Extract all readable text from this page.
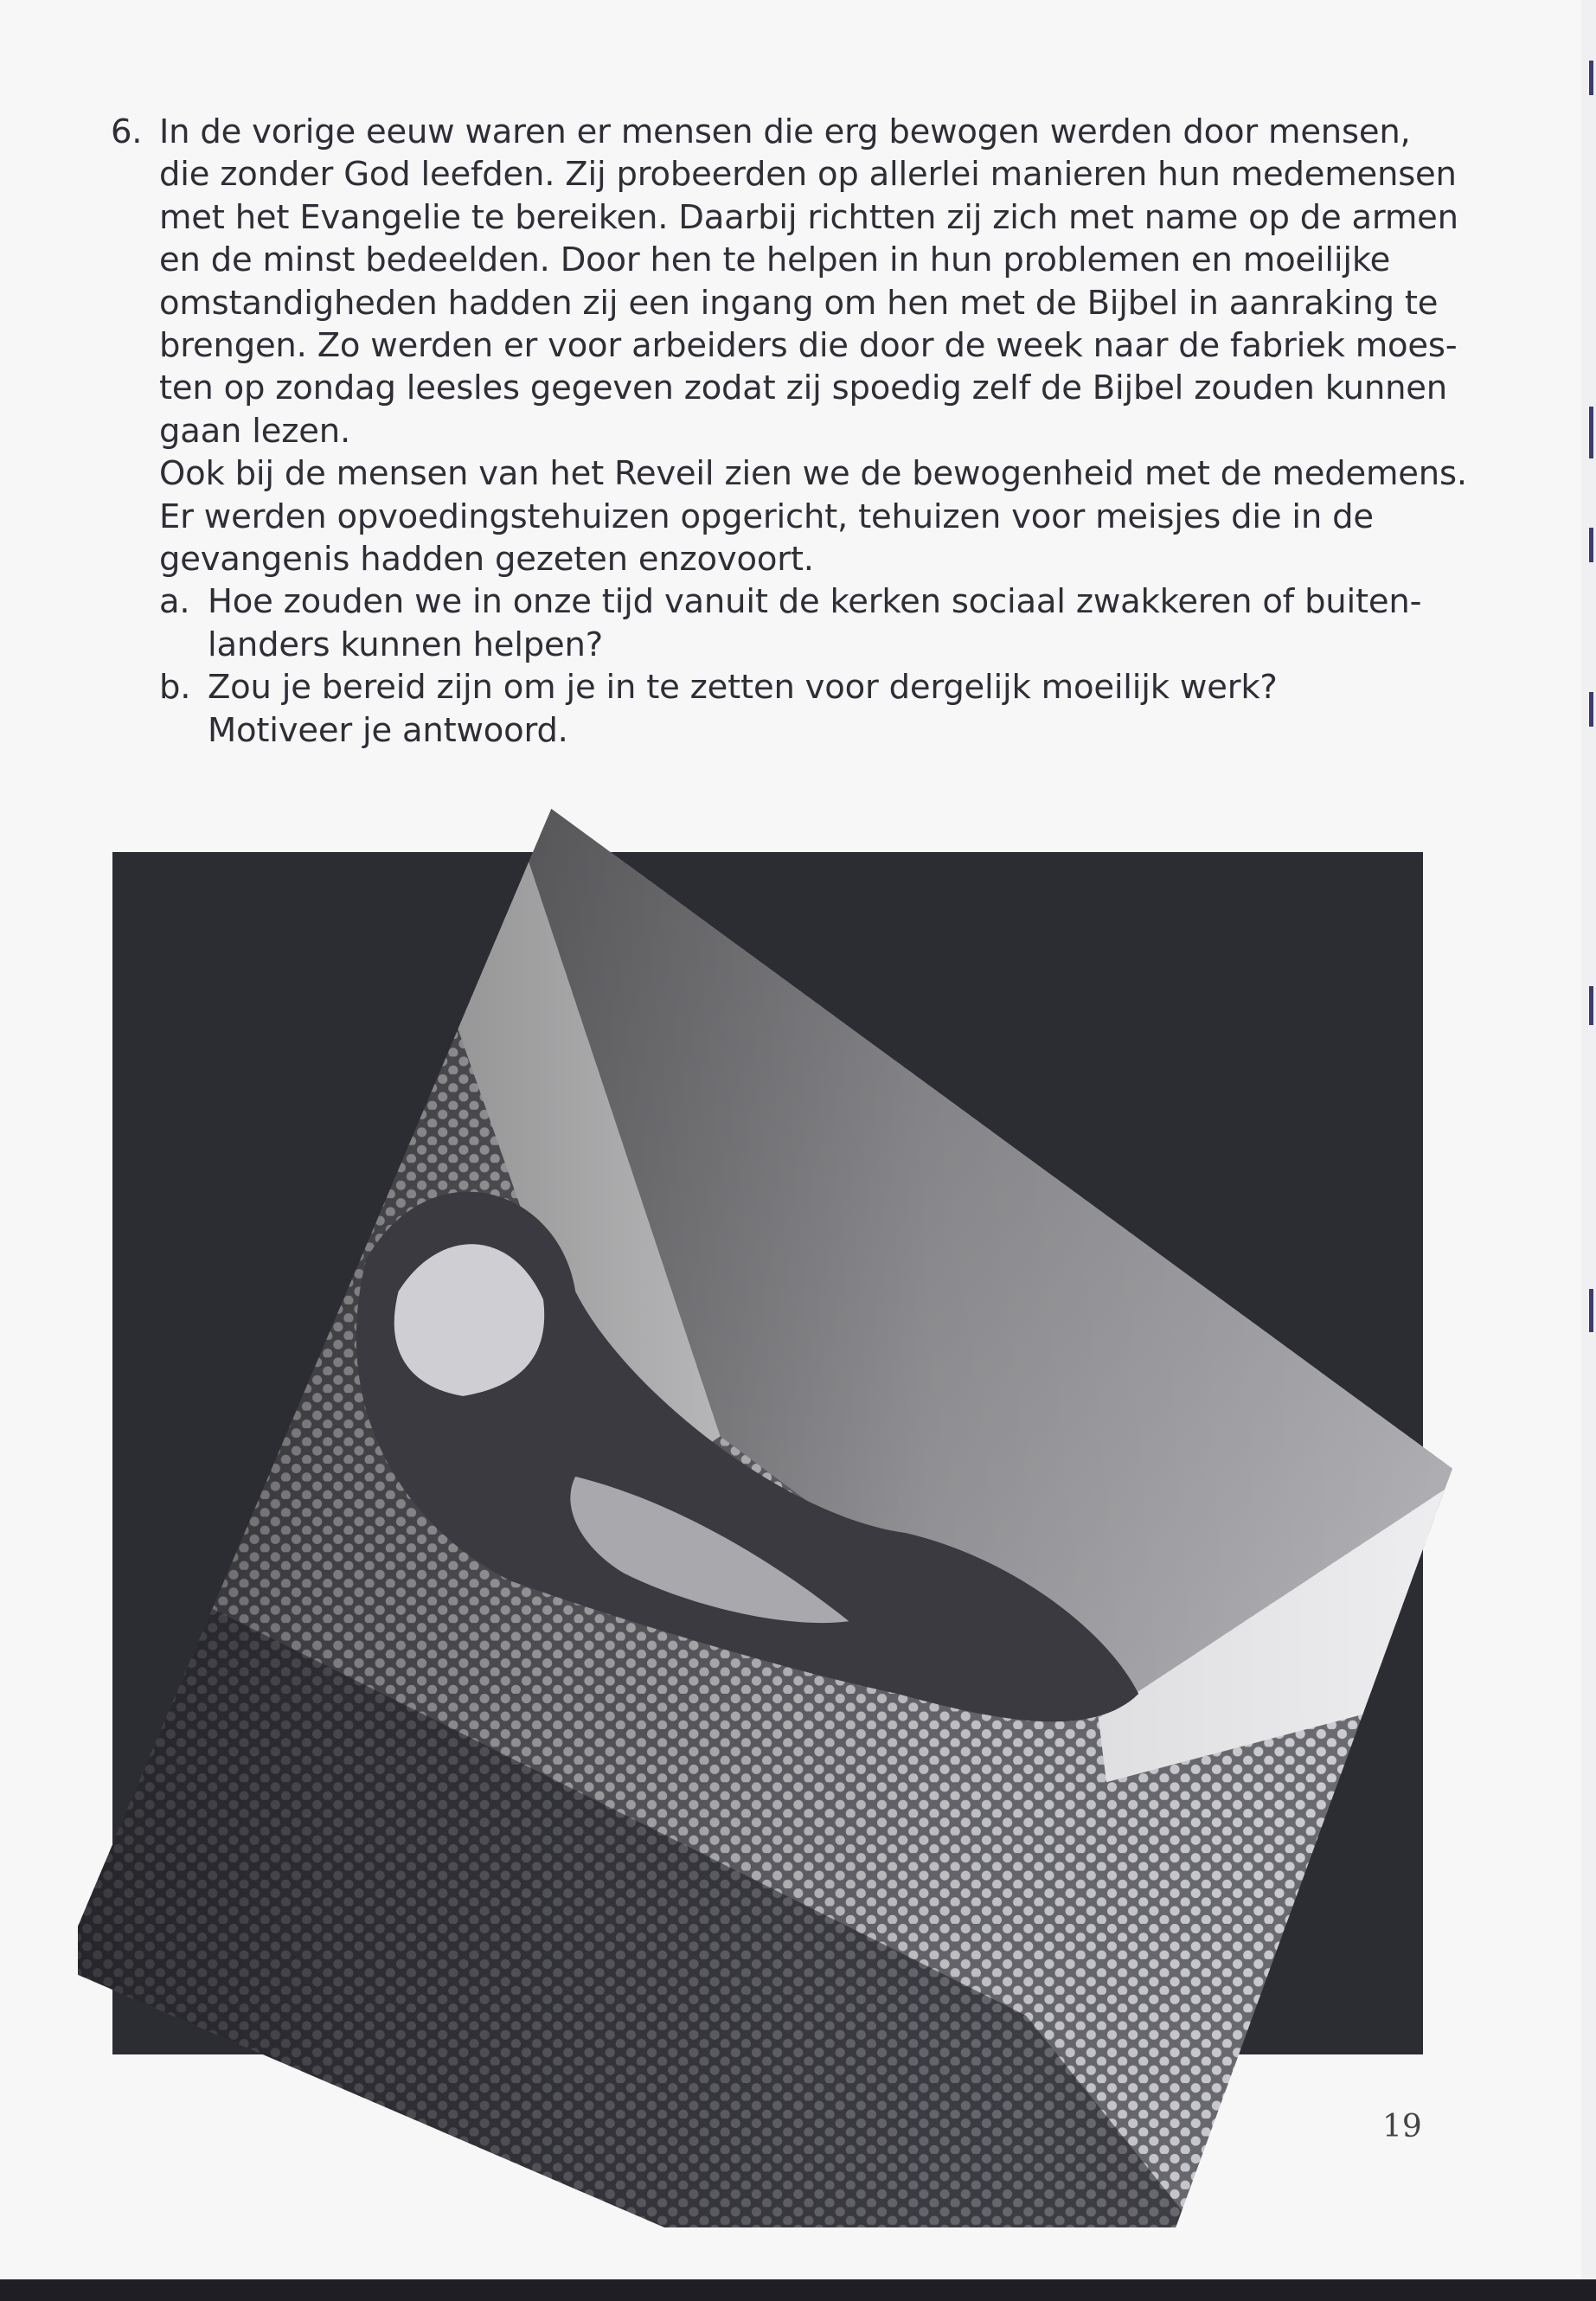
6. In de vorige eeuw waren er mensen die erg bewogen werden door mensen,
die zonder God leefden. Zij probeerden op allerlei manieren hun medemensen
met het Evangelie te bereiken. Daarbij richtten zij zich met name op de armen
en de minst bedeelden. Door hen te helpen in hun problemen en moeilijke
omstandigheden hadden zij een ingang om hen met de Bijbel in aanraking te
brengen. Zo werden er voor arbeiders die door de week naar de fabriek moes-
ten op zondag leesles gegeven zodat zij spoedig zelf de Bijbel zouden kunnen
gaan lezen.
Ook bij de mensen van het Reveil zien we de bewogenheid met de medemens.
Er werden opvoedingstehuizen opgericht, tehuizen voor meisjes die in de
gevangenis hadden gezeten enzovoort.

a. Hoe zouden we in onze tijd vanuit de kerken sociaal zwakkeren of buiten-
landers kunnen helpen?
b. Zou je bereid zijn om je in te zetten voor dergelijk moeilijk werk?
Motiveer je antwoord.
19
